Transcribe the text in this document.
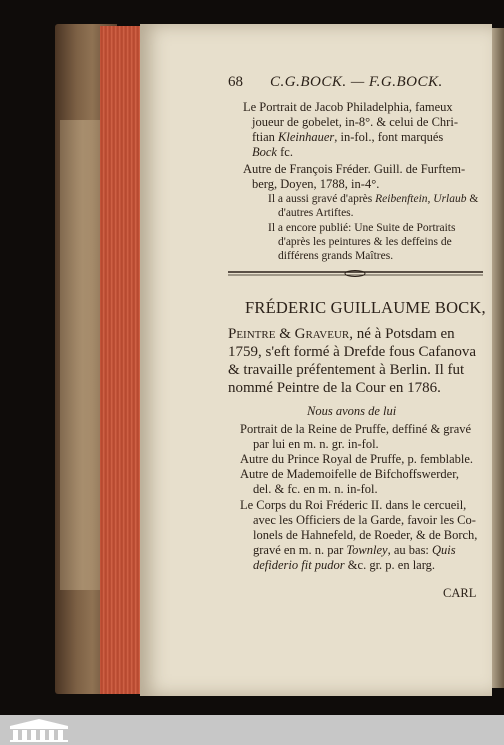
68 C.G.BOCK. — F.G.BOCK.
Le Portrait de Jacob Philadelphia, fameux
joueur de gobelet, in-8°. & celui de Chri-
ftian Kleinhauer, in-fol., font marqués
Bock fc.
Autre de François Fréder. Guill. de Furftem-
berg, Doyen, 1788, in-4°.
Il a aussi gravé d'après Reibenftein, Urlaub &
d'autres Artiftes.
Il a encore publié: Une Suite de Portraits
d'après les peintures & les deffeins de
différens grands Maîtres.
FRÉDERIC GUILLAUME BOCK,
Peintre & Graveur, né à Potsdam en
1759, s'eft formé à Drefde fous Cafanova
& travaille préfentement à Berlin. Il fut
nommé Peintre de la Cour en 1786.
Nous avons de lui
Portrait de la Reine de Pruffe, deffiné & gravé
par lui en m. n. gr. in-fol.
Autre du Prince Royal de Pruffe, p. femblable.
Autre de Mademoifelle de Bifchoffswerder,
del. & fc. en m. n. in-fol.
Le Corps du Roi Fréderic II. dans le cercueil,
avec les Officiers de la Garde, favoir les Co-
lonels de Hahnefeld, de Roeder, & de Borch,
gravé en m. n. par Townley, au bas: Quis
defiderio fit pudor &c. gr. p. en larg.
CARL
